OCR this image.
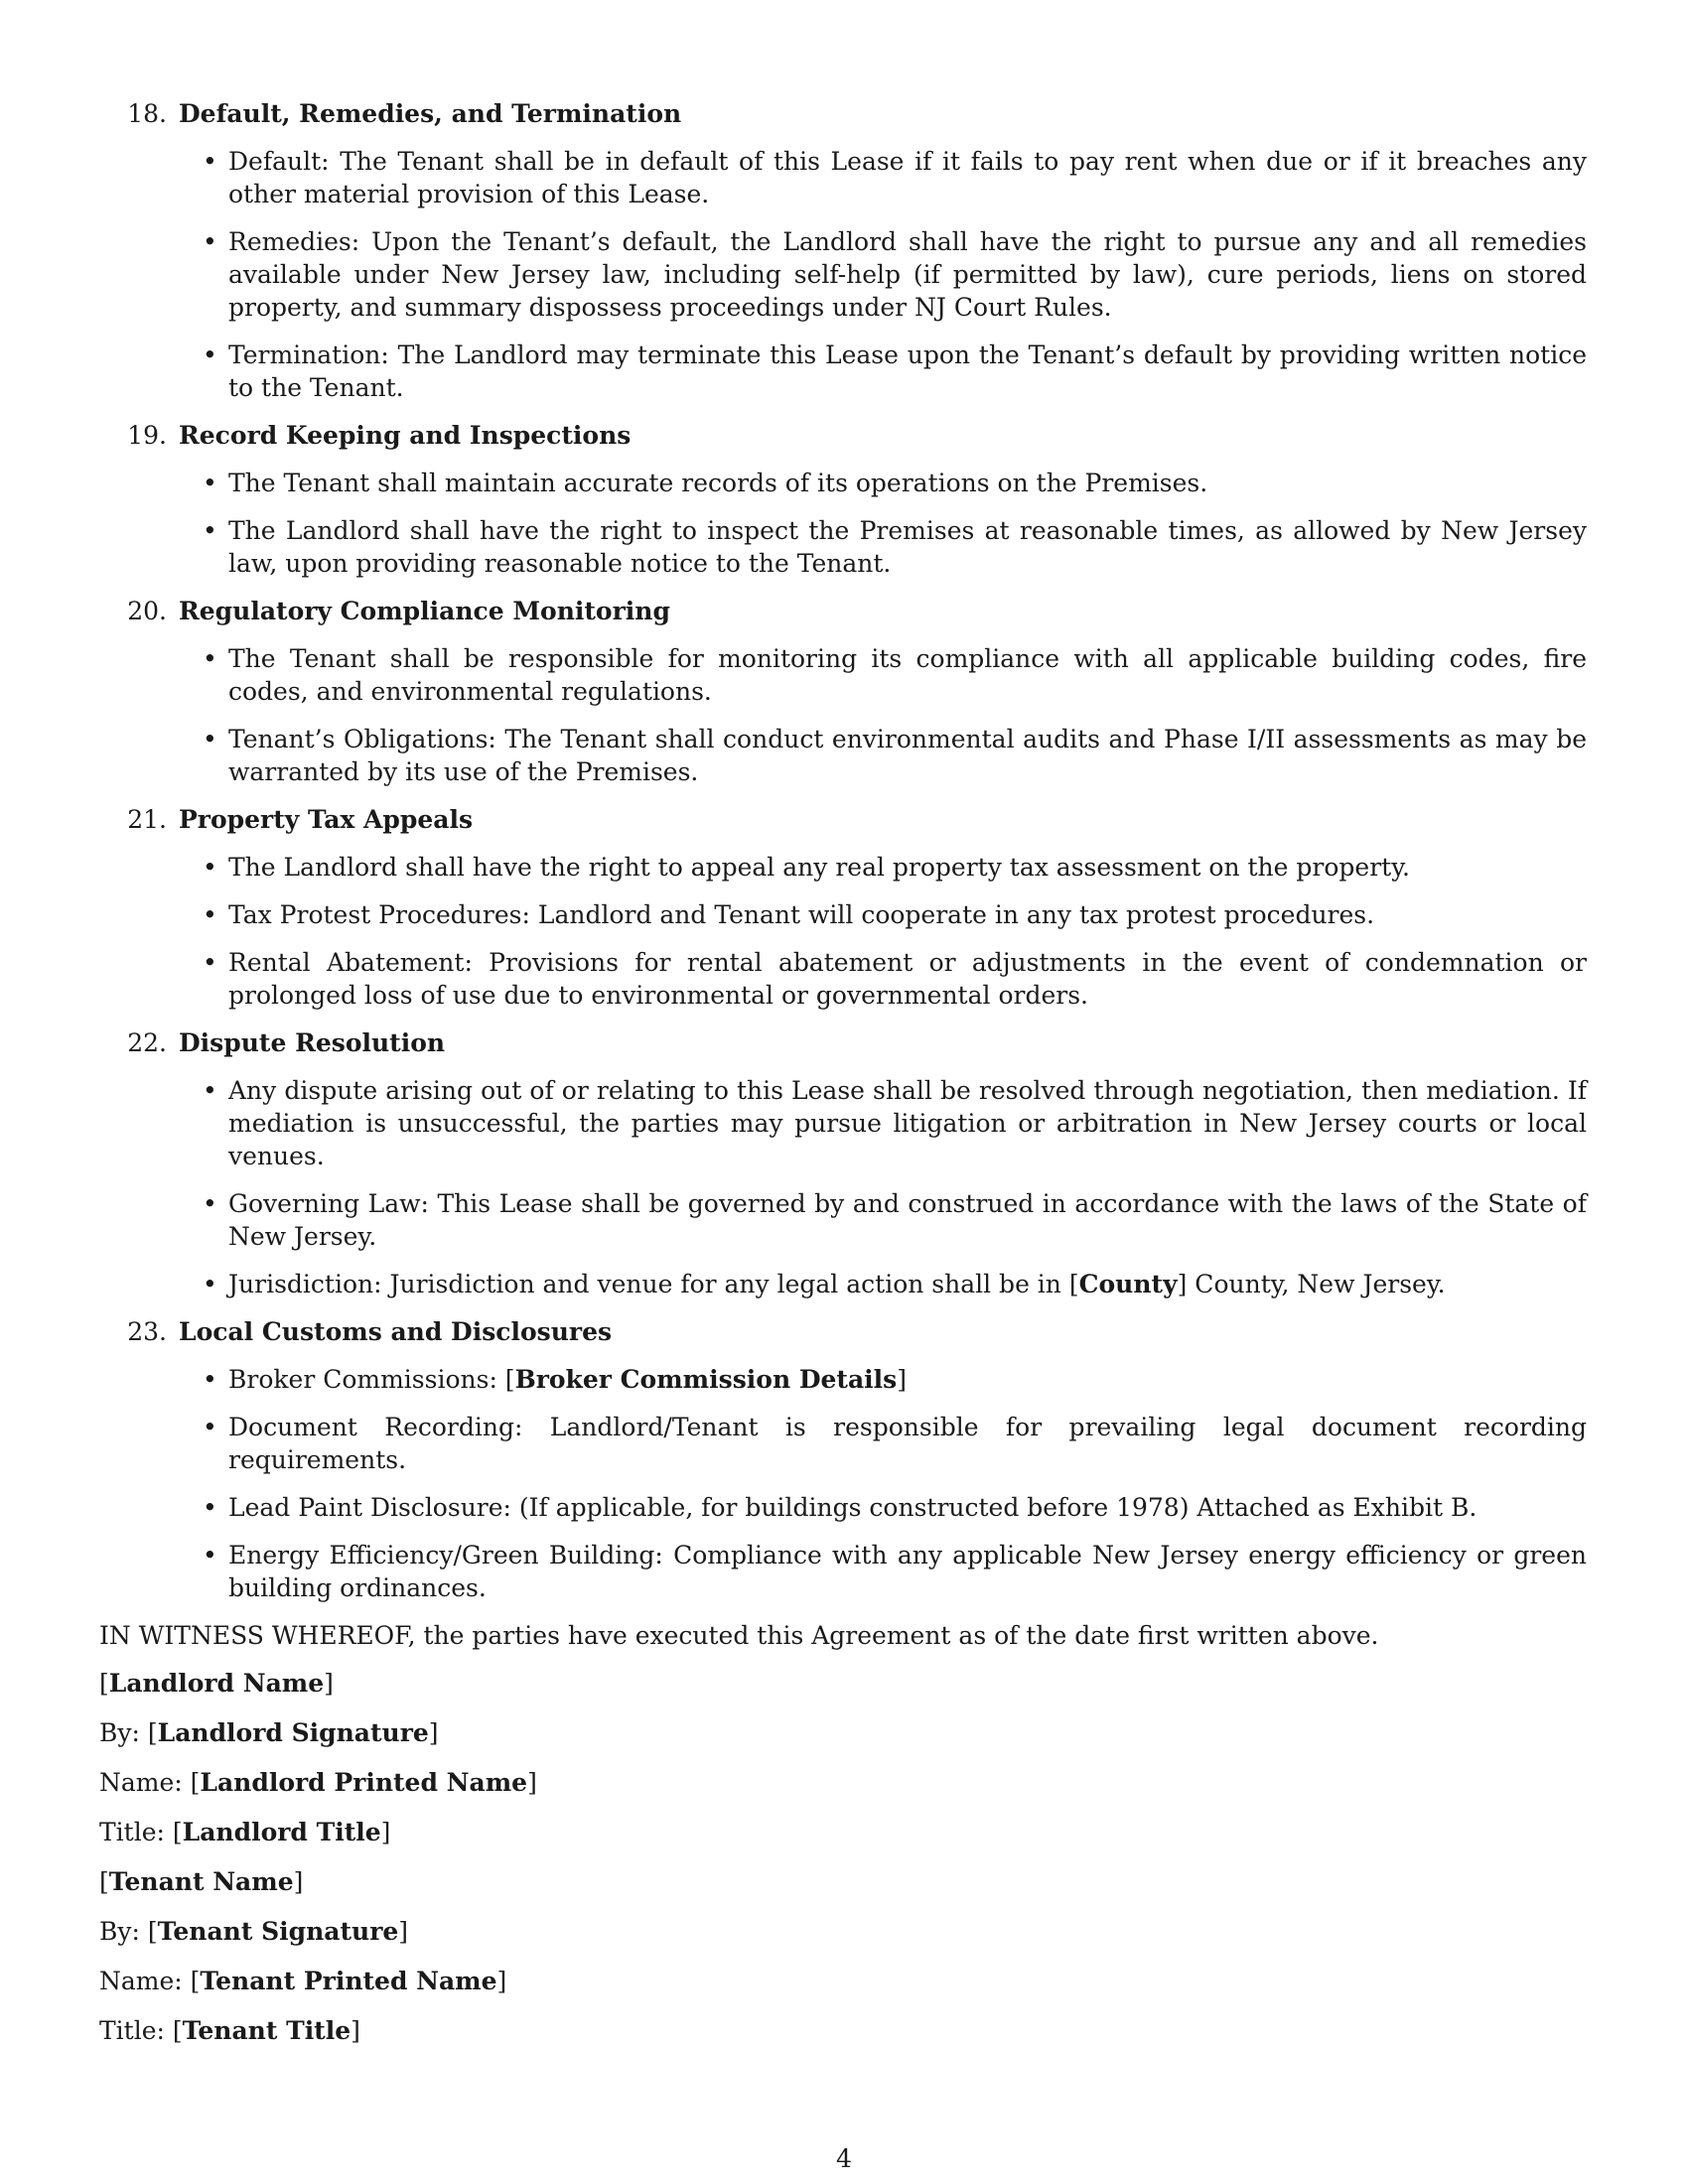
18. Default, Remedies, and Termination
• Default: The Tenant shall be in default of this Lease if it fails to pay rent when due or if it breaches any other material provision of this Lease.
• Remedies: Upon the Tenant’s default, the Landlord shall have the right to pursue any and all remedies available under New Jersey law, including self-help (if permitted by law), cure periods, liens on stored property, and summary dispossess proceedings under NJ Court Rules.
• Termination: The Landlord may terminate this Lease upon the Tenant’s default by providing written notice to the Tenant.
19. Record Keeping and Inspections
• The Tenant shall maintain accurate records of its operations on the Premises.
• The Landlord shall have the right to inspect the Premises at reasonable times, as allowed by New Jersey law, upon providing reasonable notice to the Tenant.
20. Regulatory Compliance Monitoring
• The Tenant shall be responsible for monitoring its compliance with all applicable building codes, fire codes, and environmental regulations.
• Tenant’s Obligations: The Tenant shall conduct environmental audits and Phase I/II assessments as may be warranted by its use of the Premises.
21. Property Tax Appeals
• The Landlord shall have the right to appeal any real property tax assessment on the property.
• Tax Protest Procedures: Landlord and Tenant will cooperate in any tax protest procedures.
• Rental Abatement: Provisions for rental abatement or adjustments in the event of condemnation or prolonged loss of use due to environmental or governmental orders.
22. Dispute Resolution
• Any dispute arising out of or relating to this Lease shall be resolved through negotiation, then mediation. If mediation is unsuccessful, the parties may pursue litigation or arbitration in New Jersey courts or local venues.
• Governing Law: This Lease shall be governed by and construed in accordance with the laws of the State of New Jersey.
• Jurisdiction: Jurisdiction and venue for any legal action shall be in [County] County, New Jersey.
23. Local Customs and Disclosures
• Broker Commissions: [Broker Commission Details]
• Document Recording: Landlord/Tenant is responsible for prevailing legal document recording requirements.
• Lead Paint Disclosure: (If applicable, for buildings constructed before 1978) Attached as Exhibit B.
• Energy Efficiency/Green Building: Compliance with any applicable New Jersey energy efficiency or green building ordinances.

IN WITNESS WHEREOF, the parties have executed this Agreement as of the date first written above.

[Landlord Name]

By: [Landlord Signature]

Name: [Landlord Printed Name]

Title: [Landlord Title]

[Tenant Name]

By: [Tenant Signature]

Name: [Tenant Printed Name]

Title: [Tenant Title]

4
